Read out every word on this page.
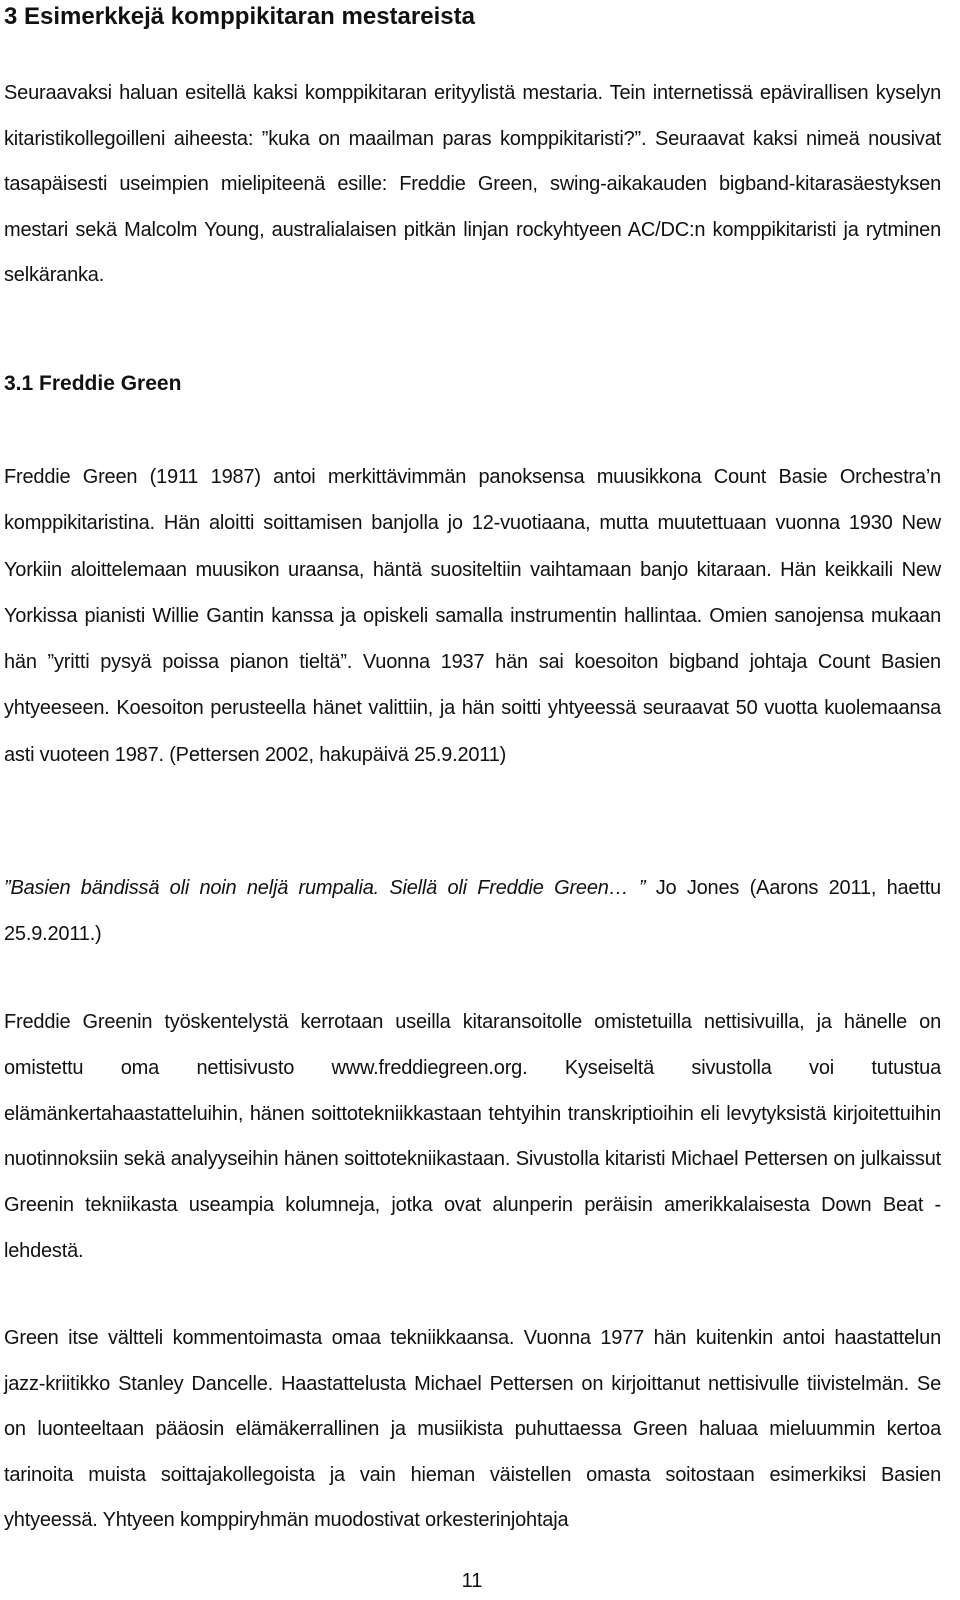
3 Esimerkkejä komppikitaran mestareista

Seuraavaksi haluan esitellä kaksi komppikitaran erityylistä mestaria. Tein internetissä epävirallisen kyselyn kitaristikollegoilleni aiheesta: ”kuka on maailman paras komppikitaristi?”. Seuraavat kaksi nimeä nousivat tasapäisesti useimpien mielipiteenä esille: Freddie Green, swing-aikakauden bigband-kitarasäestyksen mestari sekä Malcolm Young, australialaisen pitkän linjan rockyhtyeen AC/DC:n komppikitaristi ja rytminen selkäranka.

3.1 Freddie Green

Freddie Green (1911 1987) antoi merkittävimmän panoksensa muusikkona Count Basie Orchestra’n komppikitaristina. Hän aloitti soittamisen banjolla jo 12-vuotiaana, mutta muutettuaan vuonna 1930 New Yorkiin aloittelemaan muusikon uraansa, häntä suositeltiin vaihtamaan banjo kitaraan. Hän keikkaili New Yorkissa pianisti Willie Gantin kanssa ja opiskeli samalla instrumentin hallintaa. Omien sanojensa mukaan hän ”yritti pysyä poissa pianon tieltä”. Vuonna 1937 hän sai koesoiton bigband johtaja Count Basien yhtyeeseen. Koesoiton perusteella hänet valittiin, ja hän soitti yhtyeessä seuraavat 50 vuotta kuolemaansa asti vuoteen 1987. (Pettersen 2002, hakupäivä 25.9.2011)

”Basien bändissä oli noin neljä rumpalia. Siellä oli Freddie Green… ” Jo Jones (Aarons 2011, haettu 25.9.2011.)

Freddie Greenin työskentelystä kerrotaan useilla kitaransoitolle omistetuilla nettisivuilla, ja hänelle on omistettu oma nettisivusto www.freddiegreen.org. Kyseiseltä sivustolla voi tutustua elämänkertahaastatteluihin, hänen soittotekniikkastaan tehtyihin transkriptioihin eli levytyksistä kirjoitettuihin nuotinnoksiin sekä analyyseihin hänen soittotekniikastaan. Sivustolla kitaristi Michael Pettersen on julkaissut Greenin tekniikasta useampia kolumneja, jotka ovat alunperin peräisin amerikkalaisesta Down Beat -lehdestä.

Green itse vältteli kommentoimasta omaa tekniikkaansa. Vuonna 1977 hän kuitenkin antoi haastattelun jazz-kriitikko Stanley Dancelle. Haastattelusta Michael Pettersen on kirjoittanut nettisivulle tiivistelmän. Se on luonteeltaan pääosin elämäkerrallinen ja musiikista puhuttaessa Green haluaa mieluummin kertoa tarinoita muista soittajakollegoista ja vain hieman väistellen omasta soitostaan esimerkiksi Basien yhtyeessä. Yhtyeen komppiryhmän muodostivat orkesterinjohtaja

11
